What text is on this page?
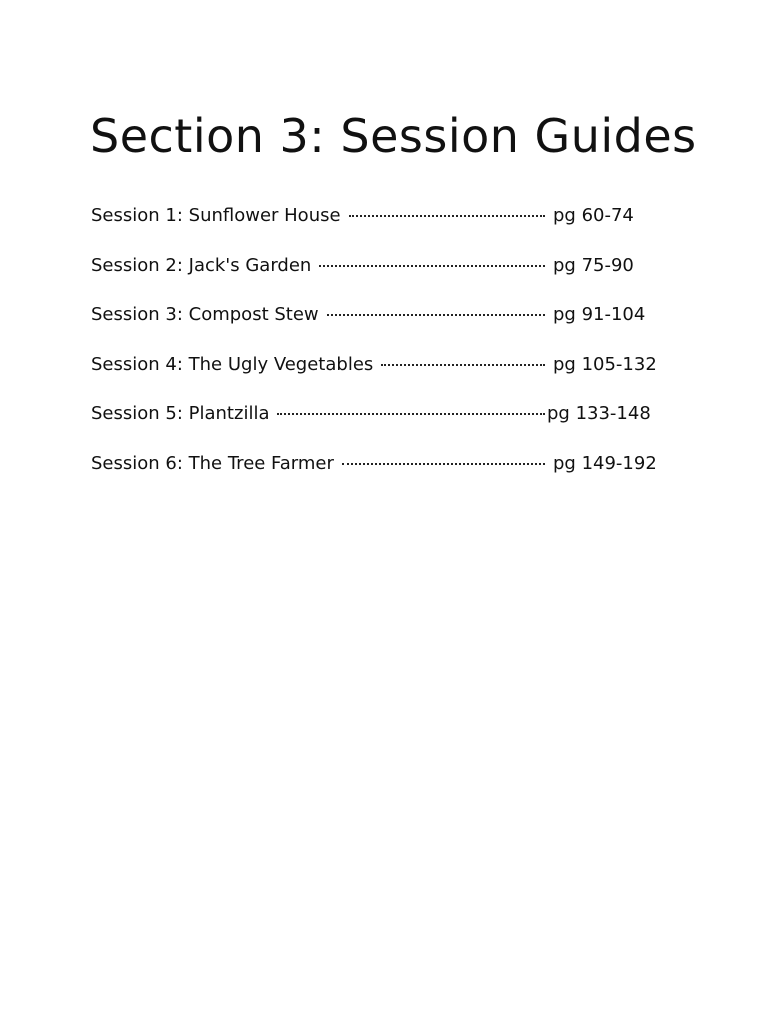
Section 3: Session Guides
Session 1: Sunflower House	pg 60-74
Session 2: Jack's Garden	pg 75-90
Session 3: Compost Stew	pg 91-104
Session 4: The Ugly Vegetables	pg 105-132
Session 5: Plantzilla	pg 133-148
Session 6: The Tree Farmer	pg 149-192
